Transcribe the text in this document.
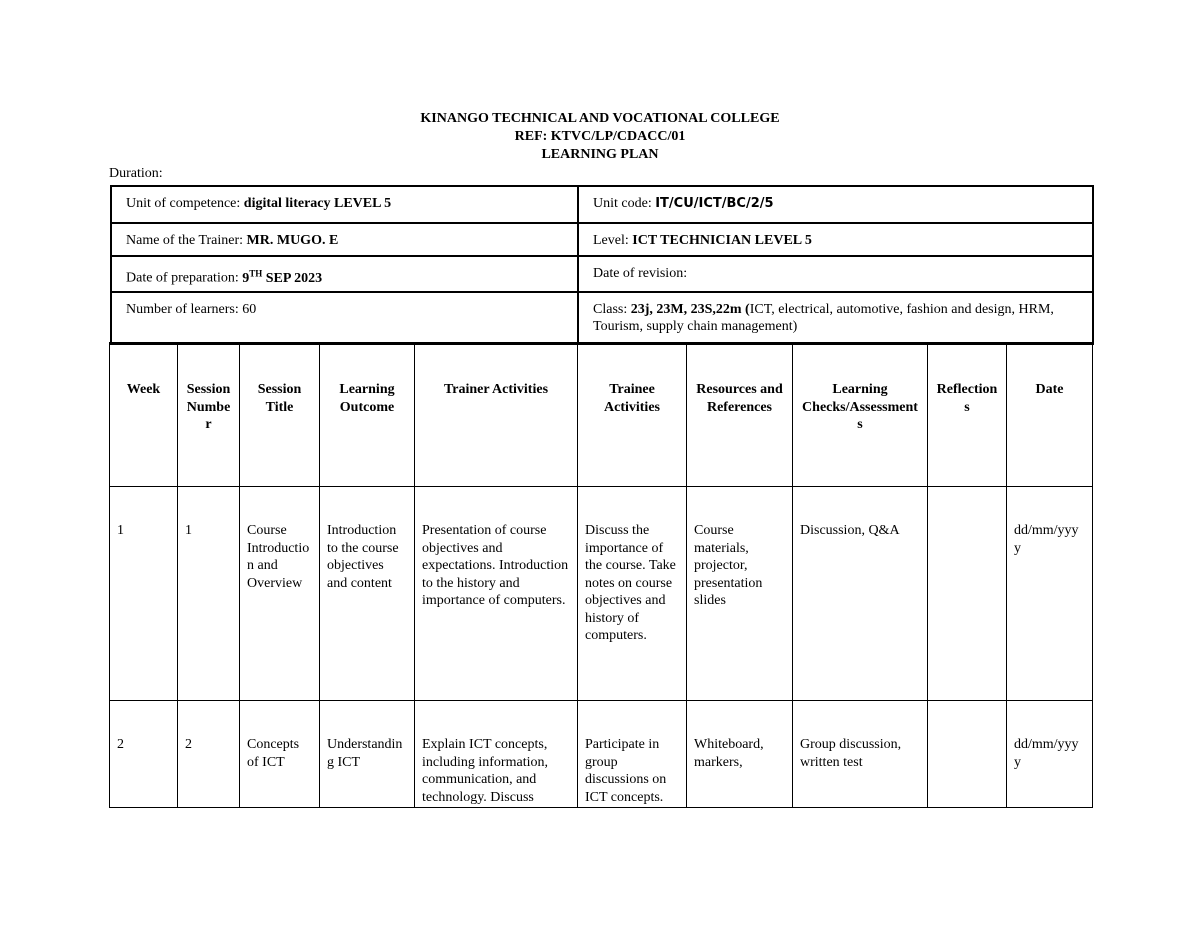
KINANGO TECHNICAL AND VOCATIONAL COLLEGE
REF: KTVC/LP/CDACC/01
LEARNING PLAN
Duration:
Unit of competence: digital literacy LEVEL 5	Unit code: IT/CU/ICT/BC/2/5
Name of the Trainer: MR. MUGO. E	Level: ICT TECHNICIAN LEVEL 5
Date of preparation: 9TH SEP 2023	Date of revision:
Number of learners: 60	Class: 23j, 23M, 23S,22m (ICT, electrical, automotive, fashion and design, HRM, Tourism, supply chain management)
Week	Session Number	Session Title	Learning Outcome	Trainer Activities	Trainee Activities	Resources and References	Learning Checks/Assessments	Reflections	Date
1	1	Course Introduction and Overview	Introduction to the course objectives and content	Presentation of course objectives and expectations. Introduction to the history and importance of computers.	Discuss the importance of the course. Take notes on course objectives and history of computers.	Course materials, projector, presentation slides	Discussion, Q&A		dd/mm/yyyy

2	2	Concepts of ICT	Understanding ICT	Explain ICT concepts, including information, communication, and technology. Discuss	Participate in group discussions on ICT concepts.	Whiteboard, markers,	Group discussion, written test		dd/mm/yyyy
